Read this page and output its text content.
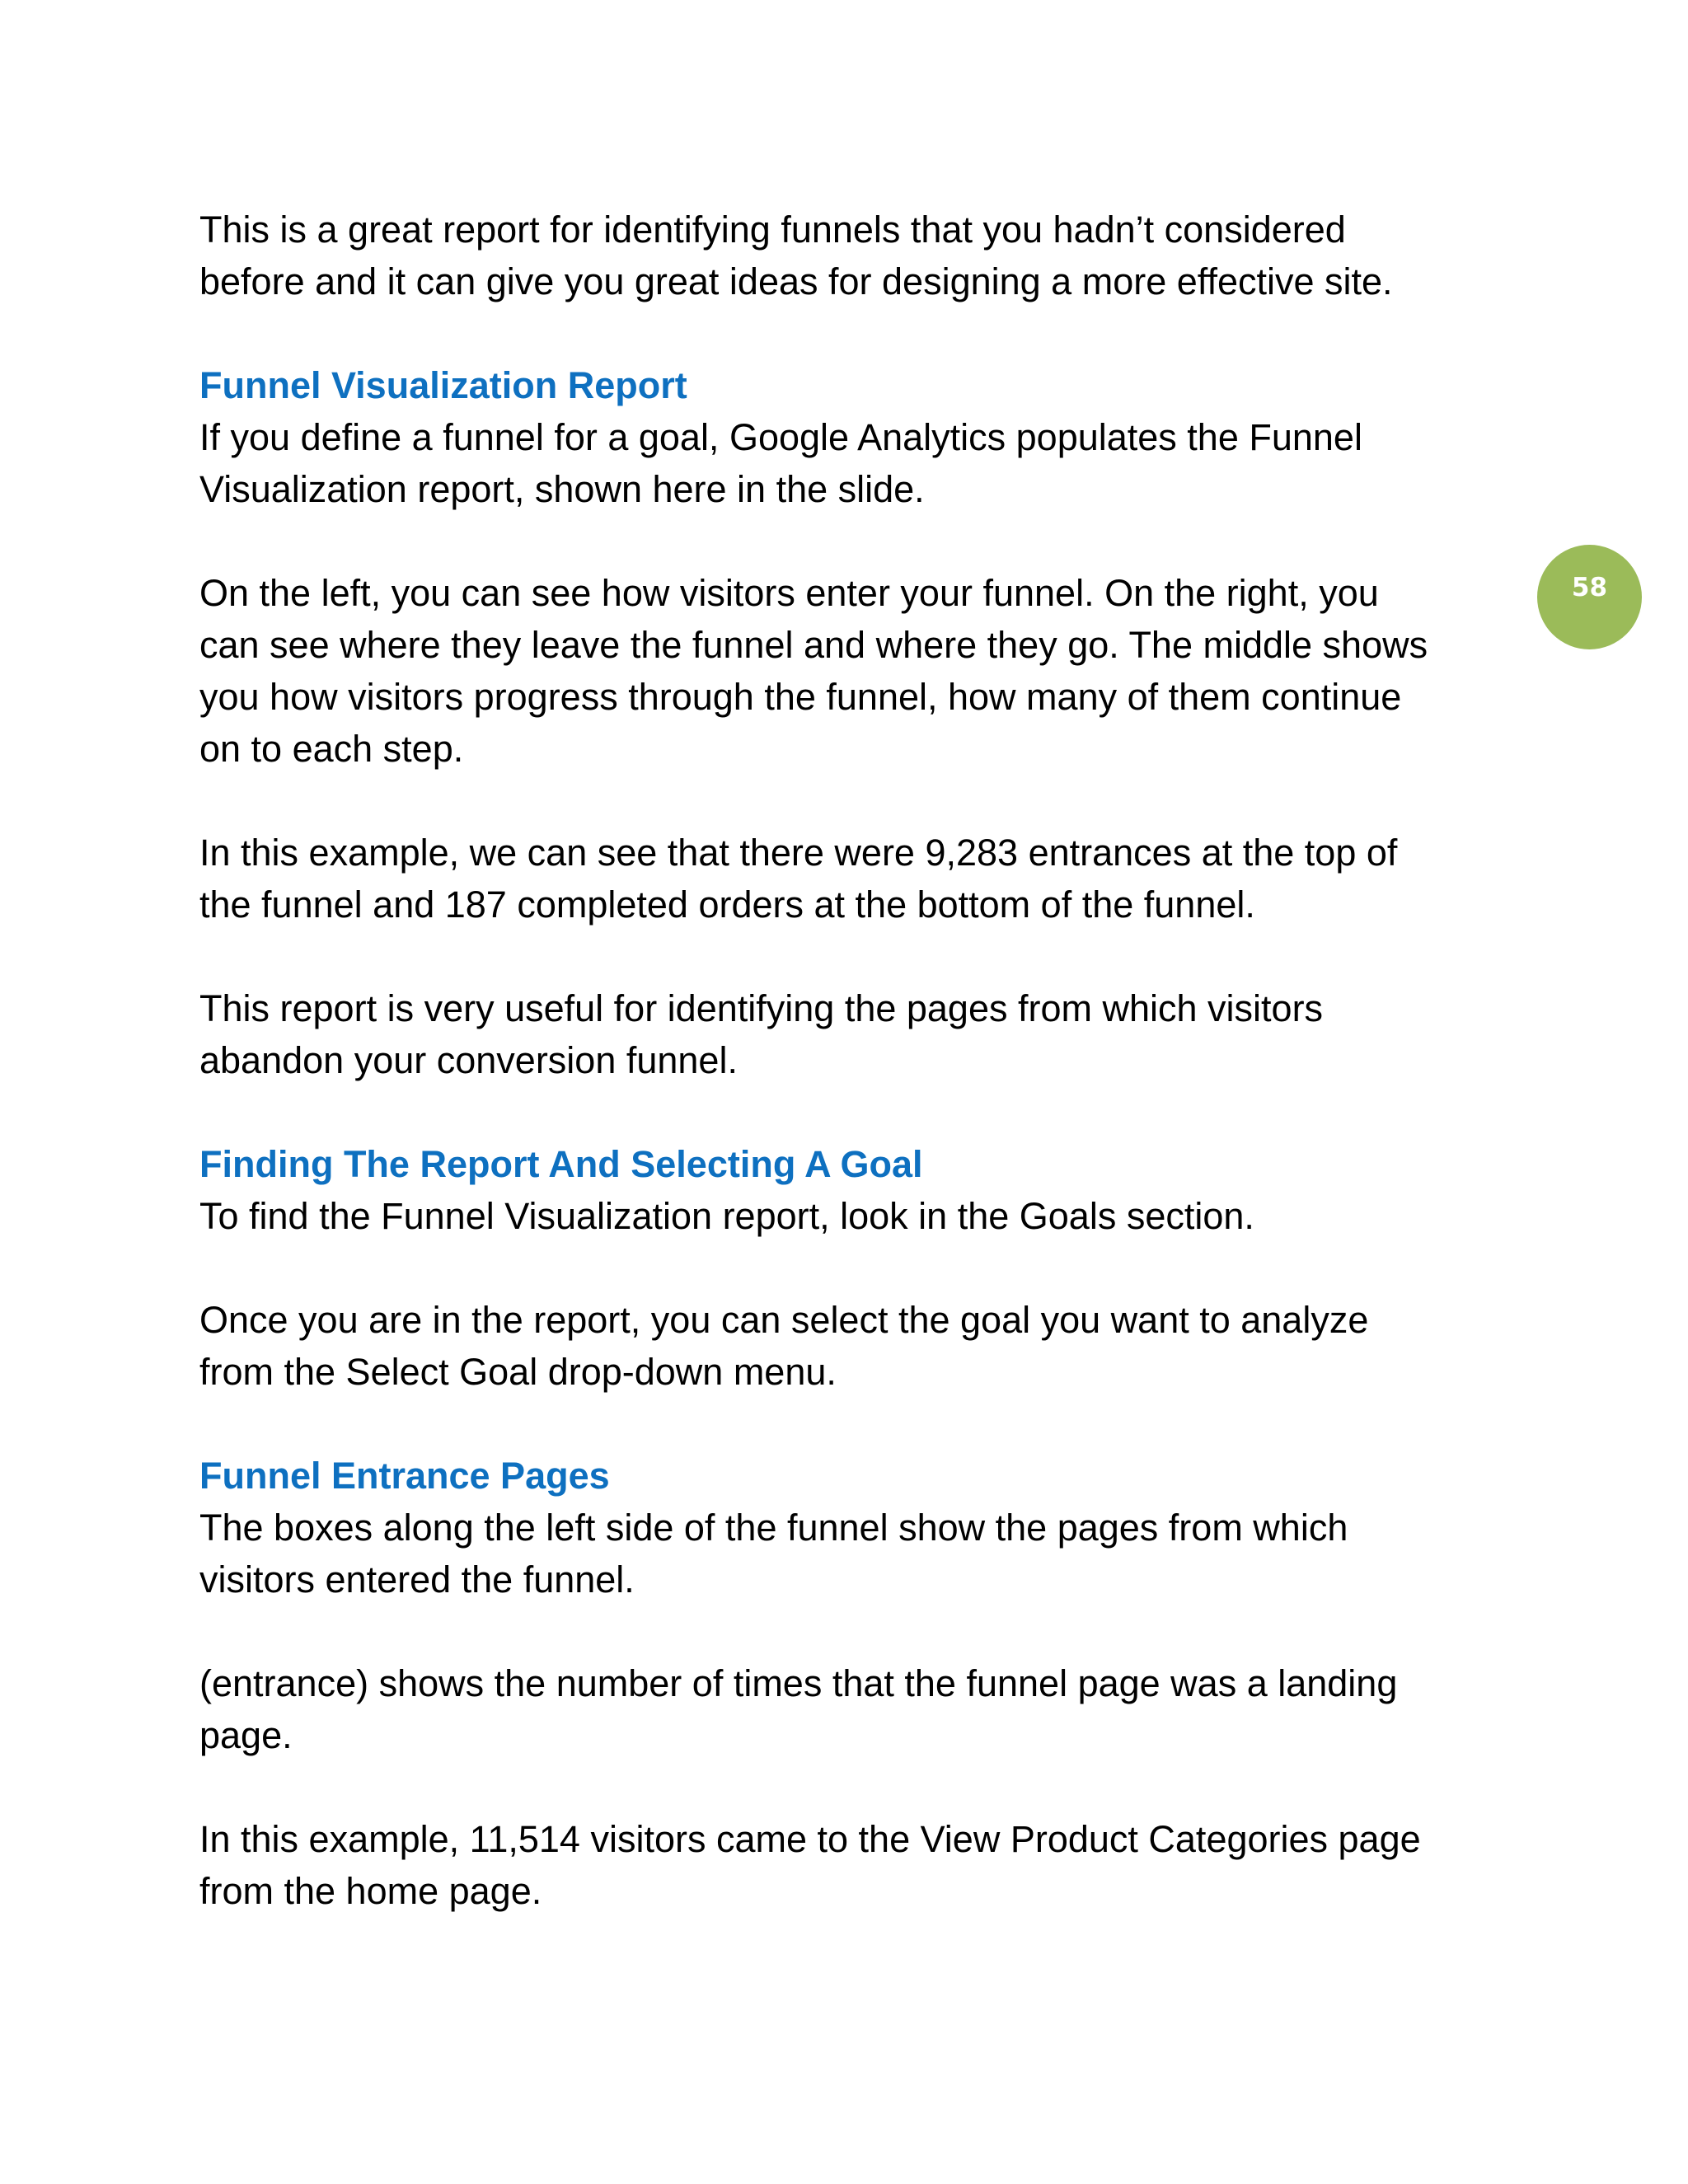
This is a great report for identifying funnels that you hadn’t considered
before and it can give you great ideas for designing a more effective site.

Funnel Visualization Report

If you define a funnel for a goal, Google Analytics populates the Funnel
Visualization report, shown here in the slide.

On the left, you can see how visitors enter your funnel. On the right, you
can see where they leave the funnel and where they go. The middle shows
you how visitors progress through the funnel, how many of them continue
on to each step.

In this example, we can see that there were 9,283 entrances at the top of
the funnel and 187 completed orders at the bottom of the funnel.

This report is very useful for identifying the pages from which visitors
abandon your conversion funnel.

Finding The Report And Selecting A Goal

To find the Funnel Visualization report, look in the Goals section.

Once you are in the report, you can select the goal you want to analyze
from the Select Goal drop-down menu.

Funnel Entrance Pages

The boxes along the left side of the funnel show the pages from which
visitors entered the funnel.

(entrance) shows the number of times that the funnel page was a landing
page.

In this example, 11,514 visitors came to the View Product Categories page
from the home page.

58
